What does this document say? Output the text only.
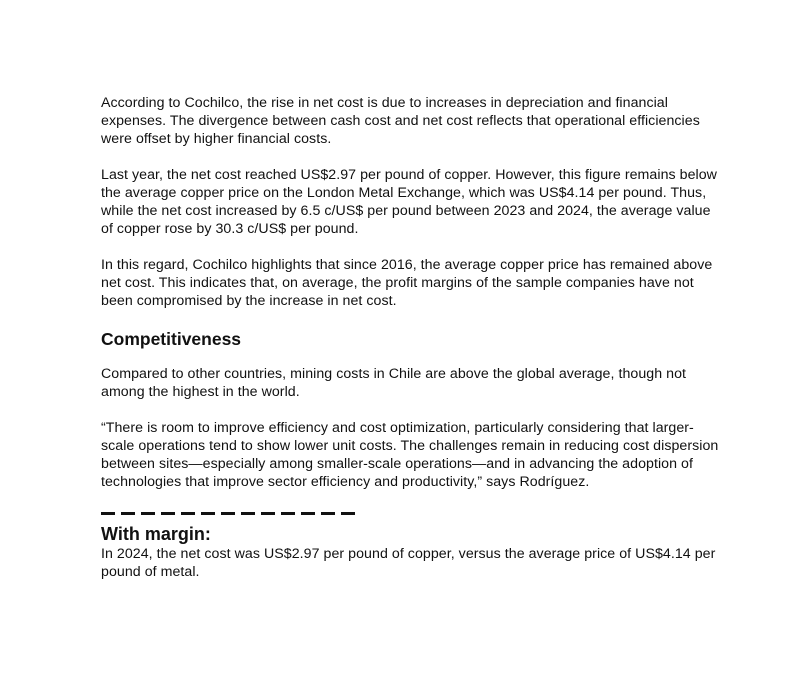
According to Cochilco, the rise in net cost is due to increases in depreciation and financial expenses. The divergence between cash cost and net cost reflects that operational efficiencies were offset by higher financial costs.

Last year, the net cost reached US$2.97 per pound of copper. However, this figure remains below the average copper price on the London Metal Exchange, which was US$4.14 per pound. Thus, while the net cost increased by 6.5 c/US$ per pound between 2023 and 2024, the average value of copper rose by 30.3 c/US$ per pound.

In this regard, Cochilco highlights that since 2016, the average copper price has remained above net cost. This indicates that, on average, the profit margins of the sample companies have not been compromised by the increase in net cost.

Competitiveness

Compared to other countries, mining costs in Chile are above the global average, though not among the highest in the world.

“There is room to improve efficiency and cost optimization, particularly considering that larger-scale operations tend to show lower unit costs. The challenges remain in reducing cost dispersion between sites—especially among smaller-scale operations—and in advancing the adoption of technologies that improve sector efficiency and productivity,” says Rodríguez.

With margin:

In 2024, the net cost was US$2.97 per pound of copper, versus the average price of US$4.14 per pound of metal.
